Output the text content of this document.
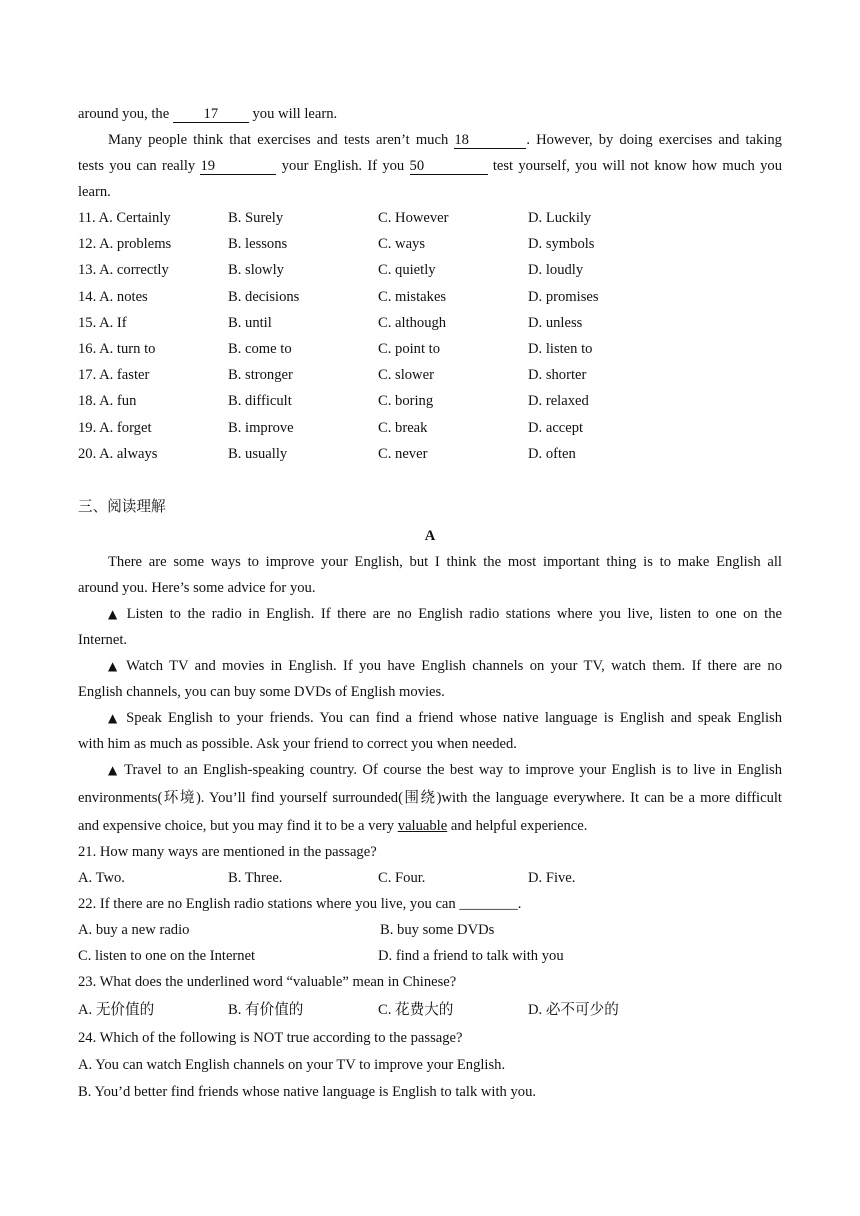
around you, the 17 you will learn.
Many people think that exercises and tests aren’t much 18	. However, by doing exercises and taking
tests you can really 19	your English. If you 50	test yourself, you will not know how much you
learn.
11. A. Certainly	B. Surely	C. However	D. Luckily
12. A. problems	B. lessons	C. ways	D. symbols
13. A. correctly	B. slowly	C. quietly	D. loudly
14. A. notes	B. decisions	C. mistakes	D. promises
15. A. If	B. until	C. although	D. unless
16. A. turn to	B. come to	C. point to	D. listen to
17. A. faster	B. stronger	C. slower	D. shorter
18. A. fun	B. difficult	C. boring	D. relaxed
19. A. forget	B. improve	C. break	D. accept
20. A. always	B. usually	C. never	D. often
三、阅读理解
A
There are some ways to improve your English, but I think the most important thing is to make English all
around you. Here’s some advice for you.
▲ Listen to the radio in English. If there are no English radio stations where you live, listen to one on the
Internet.
▲ Watch TV and movies in English. If you have English channels on your TV, watch them. If there are no
English channels, you can buy some DVDs of English movies.
▲ Speak English to your friends. You can find a friend whose native language is English and speak English
with him as much as possible. Ask your friend to correct you when needed.
▲ Travel to an English-speaking country. Of course the best way to improve your English is to live in English
environments(环境). You’ll find yourself surrounded(围绕)with the language everywhere. It can be a more difficult
and expensive choice, but you may find it to be a very valuable and helpful experience.
21. How many ways are mentioned in the passage?
A. Two.	B. Three.	C. Four.	D. Five.
22. If there are no English radio stations where you live, you can ________.
A. buy a new radio	B. buy some DVDs
C. listen to one on the Internet	D. find a friend to talk with you
23. What does the underlined word “valuable” mean in Chinese?
A. 无价值的	B. 有价值的	C. 花费大的	D. 必不可少的
24. Which of the following is NOT true according to the passage?
A. You can watch English channels on your TV to improve your English.
B. You’d better find friends whose native language is English to talk with you.
